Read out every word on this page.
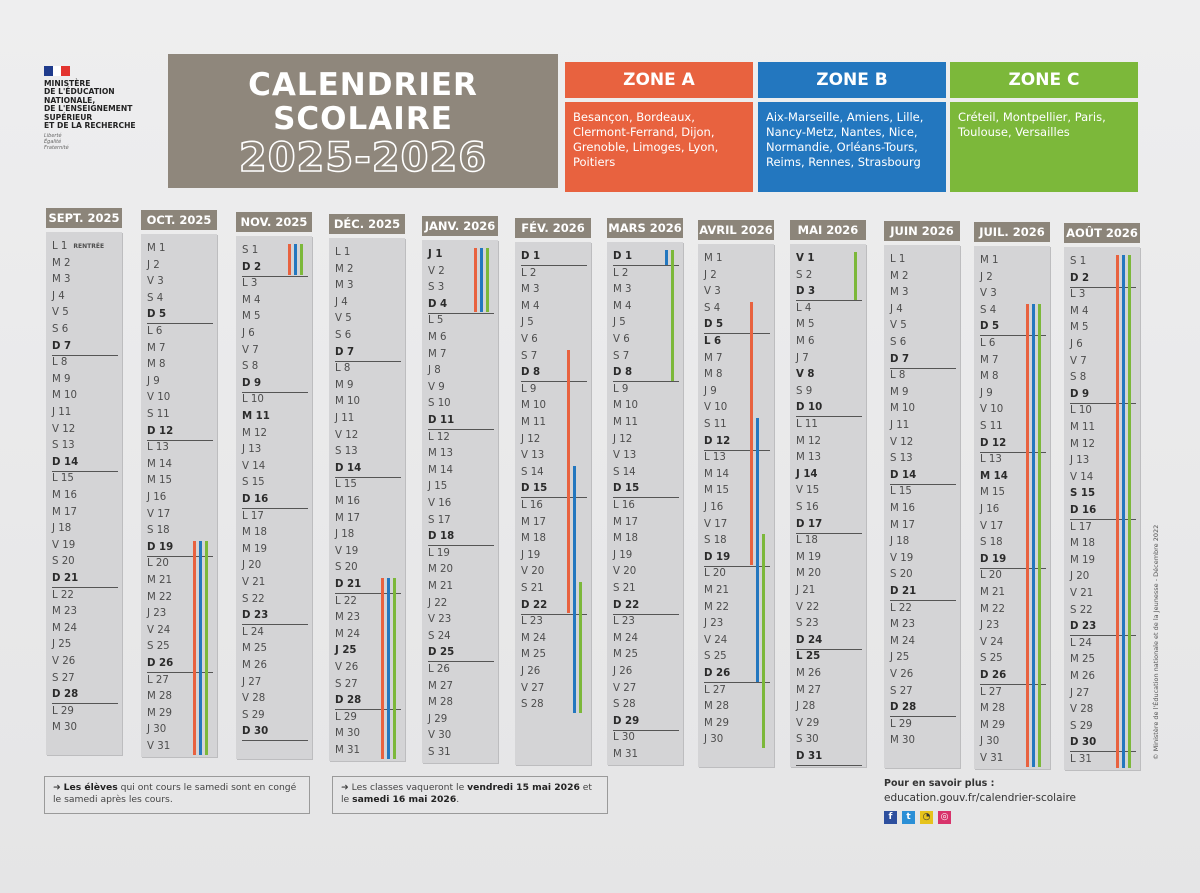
MINISTÈRE
DE L'ÉDUCATION
NATIONALE,
DE L'ENSEIGNEMENT
SUPÉRIEUR
ET DE LA RECHERCHE
Liberté
Égalité
Fraternité
CALENDRIER
SCOLAIRE
2025-2026
ZONE A
Besançon, Bordeaux, Clermont-Ferrand, Dijon, Grenoble, Limoges, Lyon, Poitiers
ZONE B
Aix-Marseille, Amiens, Lille, Nancy-Metz, Nantes, Nice, Normandie, Orléans-Tours, Reims, Rennes, Strasbourg
ZONE C
Créteil, Montpellier, Paris, Toulouse, Versailles
SEPT. 2025
L 1 $^{RENTRÉE}$
M 2
M 3
J 4
V 5
S 6
D 7
L 8
M 9
M 10
J 11
V 12
S 13
D 14
L 15
M 16
M 17
J 18
V 19
S 20
D 21
L 22
M 23
M 24
J 25
V 26
S 27
D 28
L 29
M 30
OCT. 2025
M 1
J 2
V 3
S 4
D 5
L 6
M 7
M 8
J 9
V 10
S 11
D 12
L 13
M 14
M 15
J 16
V 17
S 18
D 19
L 20
M 21
M 22
J 23
V 24
S 25
D 26
L 27
M 28
M 29
J 30
V 31
NOV. 2025
S 1
D 2
L 3
M 4
M 5
J 6
V 7
S 8
D 9
L 10
M 11
M 12
J 13
V 14
S 15
D 16
L 17
M 18
M 19
J 20
V 21
S 22
D 23
L 24
M 25
M 26
J 27
V 28
S 29
D 30
DÉC. 2025
L 1
M 2
M 3
J 4
V 5
S 6
D 7
L 8
M 9
M 10
J 11
V 12
S 13
D 14
L 15
M 16
M 17
J 18
V 19
S 20
D 21
L 22
M 23
M 24
J 25
V 26
S 27
D 28
L 29
M 30
M 31
JANV. 2026
J 1
V 2
S 3
D 4
L 5
M 6
M 7
J 8
V 9
S 10
D 11
L 12
M 13
M 14
J 15
V 16
S 17
D 18
L 19
M 20
M 21
J 22
V 23
S 24
D 25
L 26
M 27
M 28
J 29
V 30
S 31
FÉV. 2026
D 1
L 2
M 3
M 4
J 5
V 6
S 7
D 8
L 9
M 10
M 11
J 12
V 13
S 14
D 15
L 16
M 17
M 18
J 19
V 20
S 21
D 22
L 23
M 24
M 25
J 26
V 27
S 28
MARS 2026
D 1
L 2
M 3
M 4
J 5
V 6
S 7
D 8
L 9
M 10
M 11
J 12
V 13
S 14
D 15
L 16
M 17
M 18
J 19
V 20
S 21
D 22
L 23
M 24
M 25
J 26
V 27
S 28
D 29
L 30
M 31
AVRIL 2026
M 1
J 2
V 3
S 4
D 5
L 6
M 7
M 8
J 9
V 10
S 11
D 12
L 13
M 14
M 15
J 16
V 17
S 18
D 19
L 20
M 21
M 22
J 23
V 24
S 25
D 26
L 27
M 28
M 29
J 30
MAI 2026
V 1
S 2
D 3
L 4
M 5
M 6
J 7
V 8
S 9
D 10
L 11
M 12
M 13
J 14
V 15
S 16
D 17
L 18
M 19
M 20
J 21
V 22
S 23
D 24
L 25
M 26
M 27
J 28
V 29
S 30
D 31
JUIN 2026
L 1
M 2
M 3
J 4
V 5
S 6
D 7
L 8
M 9
M 10
J 11
V 12
S 13
D 14
L 15
M 16
M 17
J 18
V 19
S 20
D 21
L 22
M 23
M 24
J 25
V 26
S 27
D 28
L 29
M 30
JUIL. 2026
M 1
J 2
V 3
S 4
D 5
L 6
M 7
M 8
J 9
V 10
S 11
D 12
L 13
M 14
M 15
J 16
V 17
S 18
D 19
L 20
M 21
M 22
J 23
V 24
S 25
D 26
L 27
M 28
M 29
J 30
V 31
AOÛT 2026
S 1
D 2
L 3
M 4
M 5
J 6
V 7
S 8
D 9
L 10
M 11
M 12
J 13
V 14
S 15
D 16
L 17
M 18
M 19
J 20
V 21
S 22
D 23
L 24
M 25
M 26
J 27
V 28
S 29
D 30
L 31
➜ Les élèves qui ont cours le samedi sont en congé le samedi après les cours.
➜ Les classes vaqueront le vendredi 15 mai 2026 et le samedi 16 mai 2026.
Pour en savoir plus :
education.gouv.fr/calendrier-scolaire
f	t	◔ ◎
© Ministère de l'Éducation nationale et de la Jeunesse - Décembre 2022
